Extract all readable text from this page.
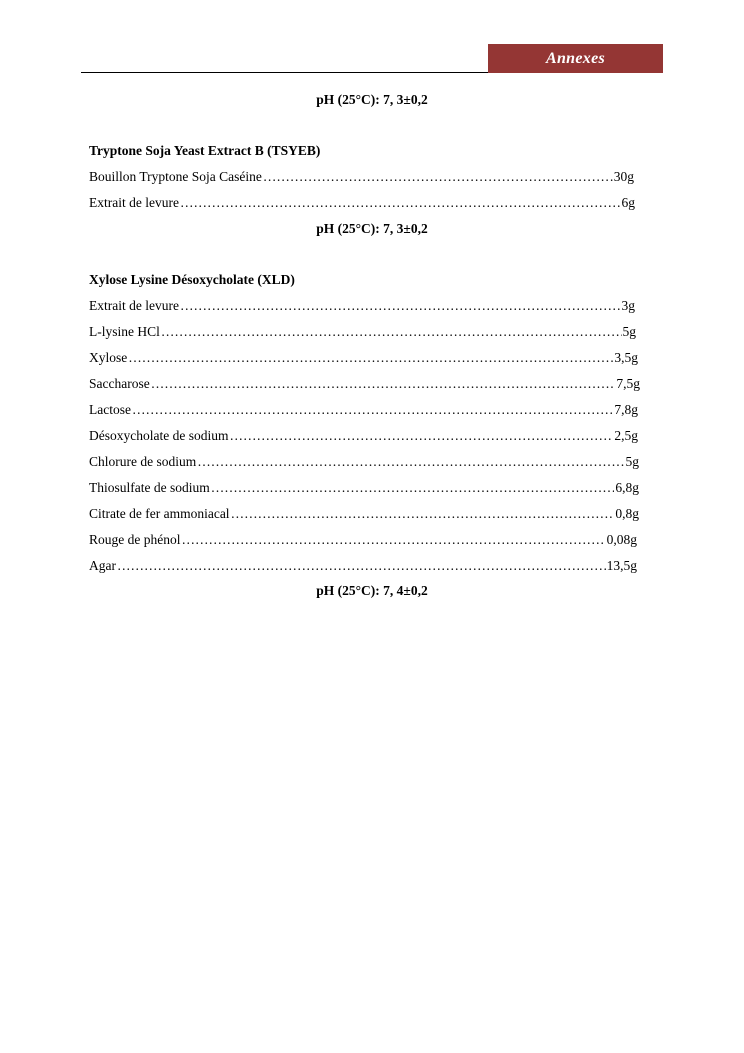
Annexes
pH (25°C): 7, 3±0,2
Tryptone Soja Yeast Extract B (TSYEB)
Bouillon Tryptone Soja Caséine …………………………………………………………………………………………………………………………………………………………………………………………	30g
Extrait de levure …………………………………………………………………………………………………………………………………………………………………………………………	6g
pH (25°C): 7, 3±0,2
Xylose Lysine Désoxycholate (XLD)
Extrait de levure …………………………………………………………………………………………………………………………………………………………………………………………	3g
L-lysine HCl …………………………………………………………………………………………………………………………………………………………………………………………	5g
Xylose …………………………………………………………………………………………………………………………………………………………………………………………	3,5g
Saccharose …………………………………………………………………………………………………………………………………………………………………………………………	7,5g
Lactose …………………………………………………………………………………………………………………………………………………………………………………………	7,8g
Désoxycholate de sodium …………………………………………………………………………………………………………………………………………………………………………………………	2,5g
Chlorure de sodium …………………………………………………………………………………………………………………………………………………………………………………………	5g
Thiosulfate de sodium …………………………………………………………………………………………………………………………………………………………………………………………	6,8g
Citrate de fer ammoniacal …………………………………………………………………………………………………………………………………………………………………………………………	0,8g
Rouge de phénol …………………………………………………………………………………………………………………………………………………………………………………………	0,08g
Agar …………………………………………………………………………………………………………………………………………………………………………………………	13,5g
pH (25°C): 7, 4±0,2
